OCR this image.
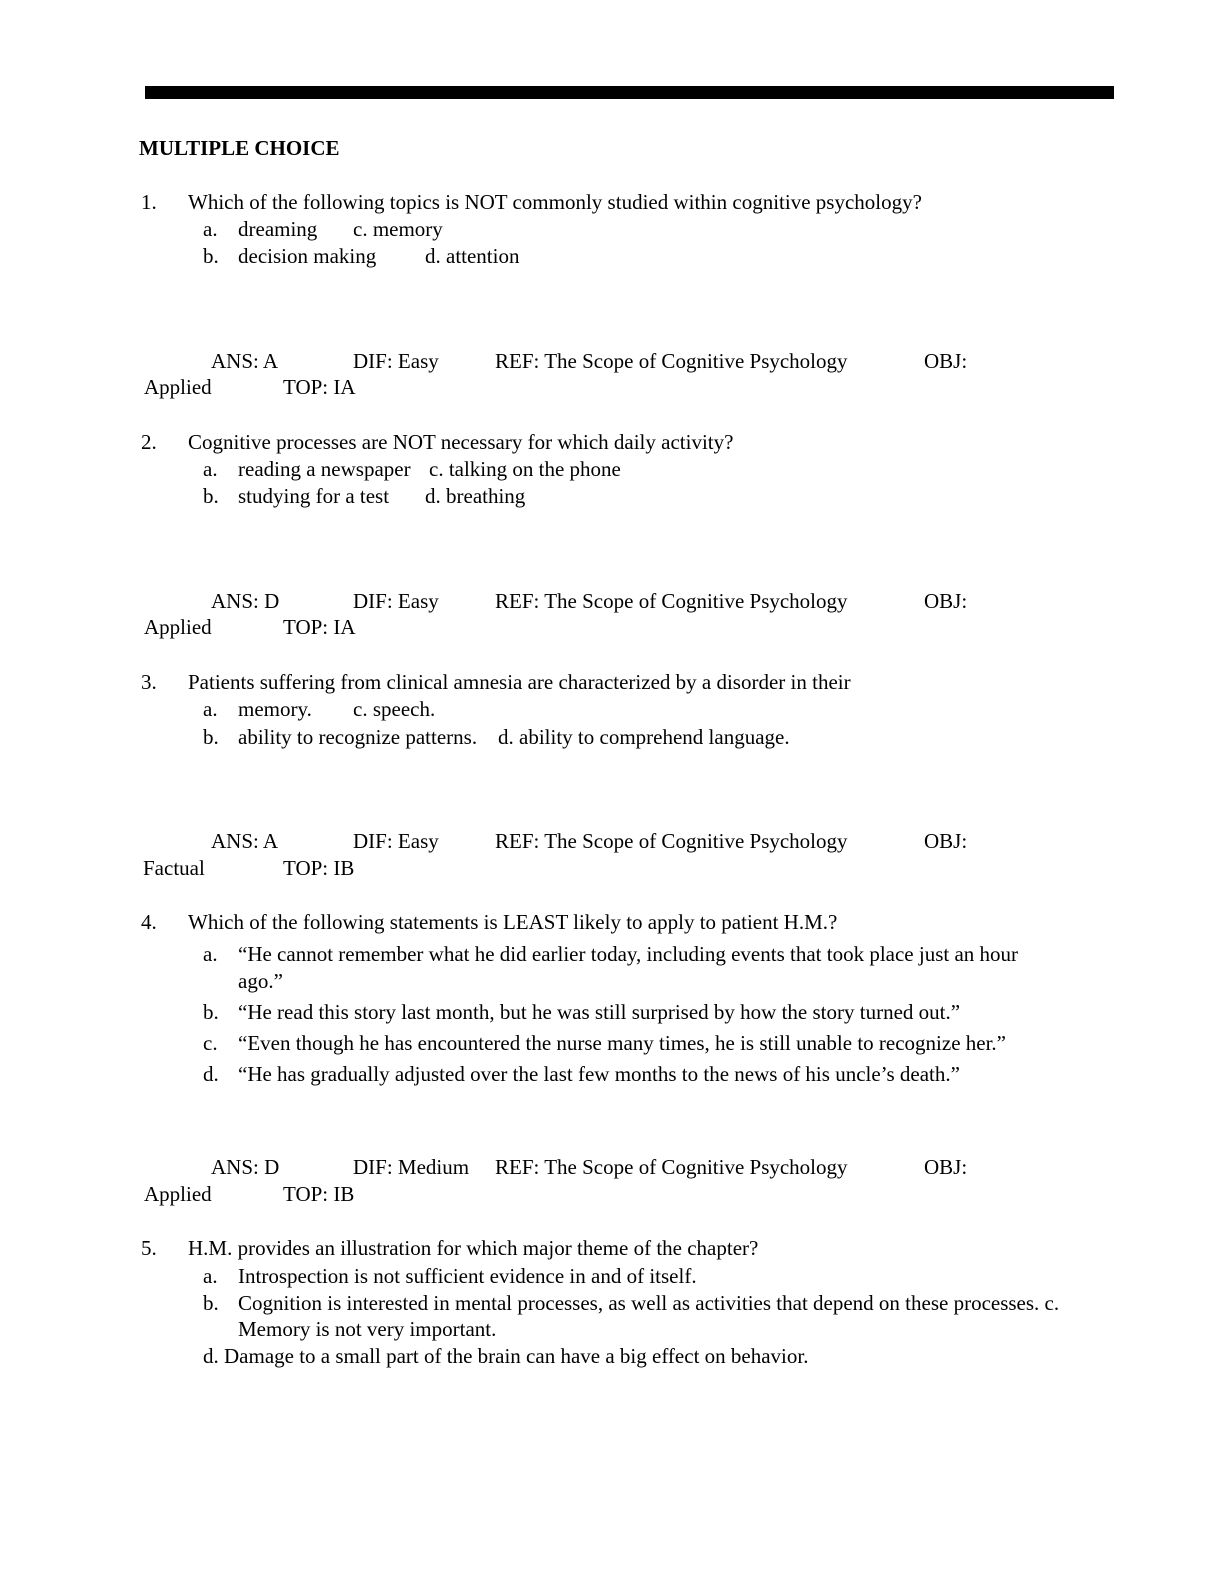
MULTIPLE CHOICE
1. Which of the following topics is NOT commonly studied within cognitive psychology?
a. dreaming c. memory
b. decision making d. attention
ANS: A	DIF: Easy	REF: The Scope of Cognitive Psychology	OBJ:
Applied	TOP: IA
2. Cognitive processes are NOT necessary for which daily activity?
a. reading a newspaper c. talking on the phone
b. studying for a test d. breathing
ANS: D	DIF: Easy	REF: The Scope of Cognitive Psychology	OBJ:
Applied	TOP: IA
3. Patients suffering from clinical amnesia are characterized by a disorder in their
a. memory. c. speech.
b. ability to recognize patterns. d. ability to comprehend language.
ANS: A	DIF: Easy	REF: The Scope of Cognitive Psychology	OBJ:
Factual	TOP: IB
4. Which of the following statements is LEAST likely to apply to patient H.M.?
a. “He cannot remember what he did earlier today, including events that took place just an hour
ago.”
b. “He read this story last month, but he was still surprised by how the story turned out.”
c. “Even though he has encountered the nurse many times, he is still unable to recognize her.”
d. “He has gradually adjusted over the last few months to the news of his uncle’s death.”
ANS: D	DIF: Medium REF: The Scope of Cognitive Psychology	OBJ:
Applied	TOP: IB
5. H.M. provides an illustration for which major theme of the chapter?
a. Introspection is not sufficient evidence in and of itself.
b. Cognition is interested in mental processes, as well as activities that depend on these processes. c.
Memory is not very important.
d. Damage to a small part of the brain can have a big effect on behavior.
